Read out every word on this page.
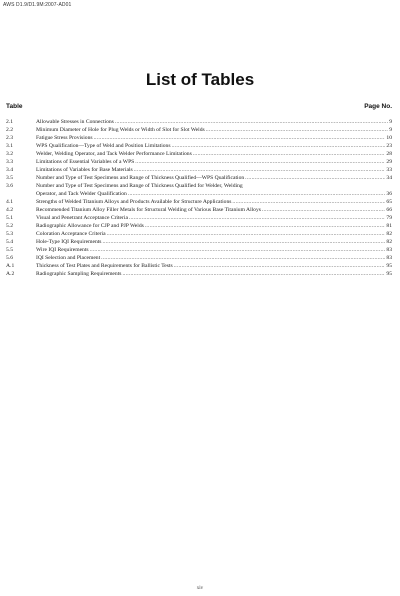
AWS D1.9/D1.9M:2007-AD01
List of Tables
Table	Page No.
2.1	Allowable Stresses in Connections .....	9
2.2	Minimum Diameter of Hole for Plug Welds or Width of Slot for Slot Welds .....	9
2.3	Fatigue Stress Provisions .....	10
3.1	WPS Qualification—Type of Weld and Position Limitations .....	23
3.2	Welder, Welding Operator, and Tack Welder Performance Limitations .....	28
3.3	Limitations of Essential Variables of a WPS .....	29
3.4	Limitations of Variables for Base Materials .....	33
3.5	Number and Type of Test Specimens and Range of Thickness Qualified—WPS Qualification .....	34
3.6	Number and Type of Test Specimens and Range of Thickness Qualified for Welder, Welding
Operator, and Tack Welder Qualification .....	36
4.1	Strengths of Welded Titanium Alloys and Products Available for Structure Applications .....	65
4.2	Recommended Titanium Alloy Filler Metals for Structural Welding of Various Base Titanium Alloys .....	66
5.1	Visual and Penetrant Acceptance Criteria .....	79
5.2	Radiographic Allowance for CJP and PJP Welds .....	81
5.3	Coloration Acceptance Criteria .....	82
5.4	Hole-Type IQI Requirements .....	82
5.5	Wire IQI Requirements .....	83
5.6	IQI Selection and Placement .....	83
A.1	Thickness of Test Plates and Requirements for Ballistic Tests .....	95
A.2	Radiographic Sampling Requirements .....	95
xiv
